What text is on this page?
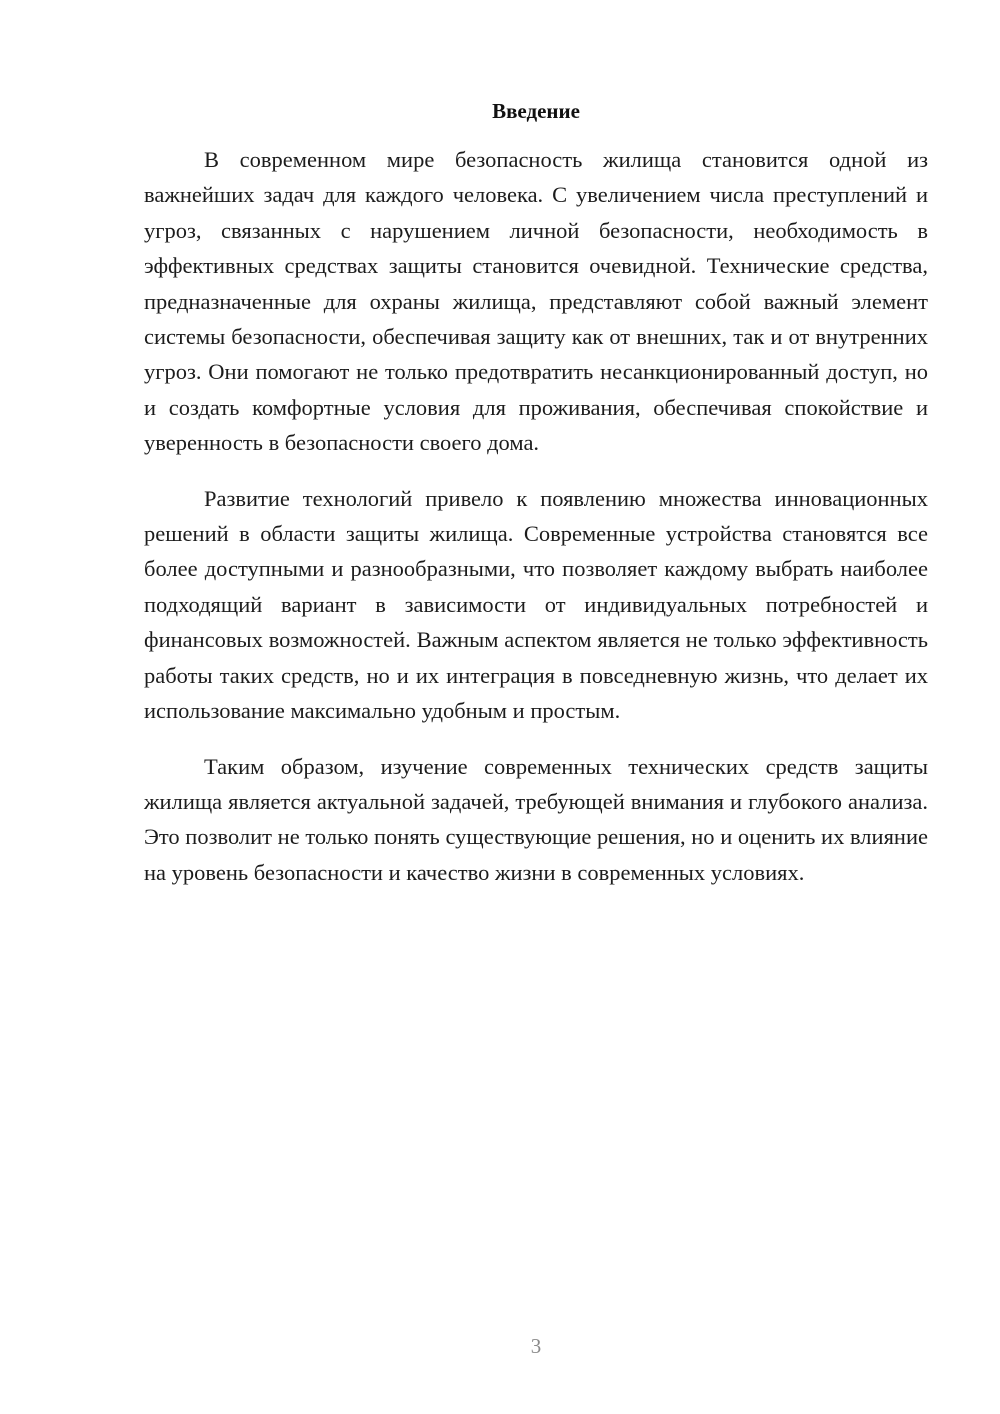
Введение

В современном мире безопасность жилища становится одной из важнейших задач для каждого человека. С увеличением числа преступлений и угроз, связанных с нарушением личной безопасности, необходимость в эффективных средствах защиты становится очевидной. Технические средства, предназначенные для охраны жилища, представляют собой важный элемент системы безопасности, обеспечивая защиту как от внешних, так и от внутренних угроз. Они помогают не только предотвратить несанкционированный доступ, но и создать комфортные условия для проживания, обеспечивая спокойствие и уверенность в безопасности своего дома.

Развитие технологий привело к появлению множества инновационных решений в области защиты жилища. Современные устройства становятся все более доступными и разнообразными, что позволяет каждому выбрать наиболее подходящий вариант в зависимости от индивидуальных потребностей и финансовых возможностей. Важным аспектом является не только эффективность работы таких средств, но и их интеграция в повседневную жизнь, что делает их использование максимально удобным и простым.

Таким образом, изучение современных технических средств защиты жилища является актуальной задачей, требующей внимания и глубокого анализа. Это позволит не только понять существующие решения, но и оценить их влияние на уровень безопасности и качество жизни в современных условиях.

3
